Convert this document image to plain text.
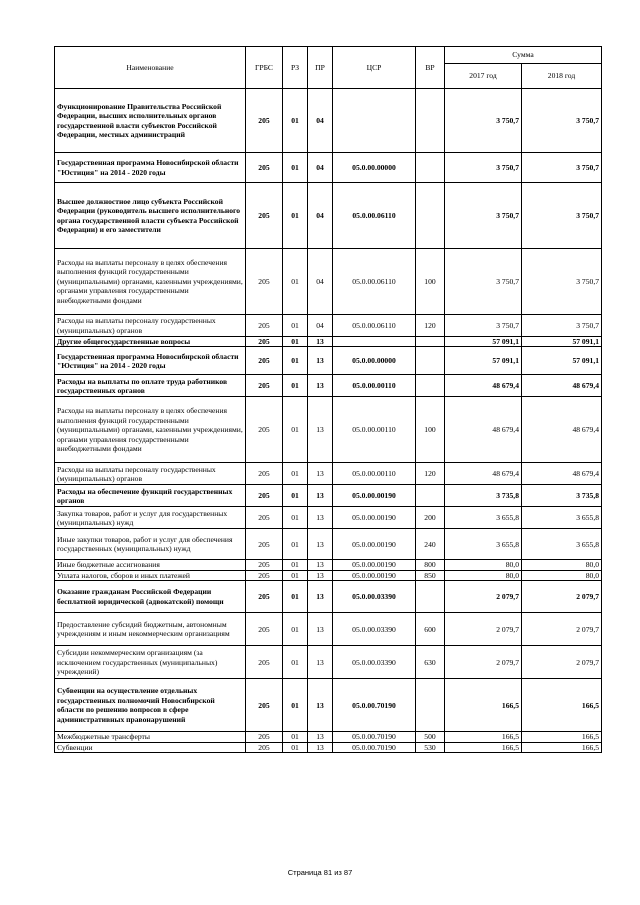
Наименование	ГРБС	РЗ	ПР	ЦСР	ВР	Сумма	
						2017 год	2018 год
Функционирование Правительства Российской Федерации, высших исполнительных органов государственной власти субъектов Российской Федерации, местных администраций	205	01	04			3 750,7	3 750,7
Государственная программа Новосибирской области "Юстиция" на 2014 - 2020 годы	205	01	04	05.0.00.00000		3 750,7	3 750,7
Высшее должностное лицо субъекта Российской Федерации (руководитель высшего исполнительного органа государственной власти субъекта Российской Федерации) и его заместители	205	01	04	05.0.00.06110		3 750,7	3 750,7
Расходы на выплаты персоналу в целях обеспечения выполнения функций государственными (муниципальными) органами, казенными учреждениями, органами управления государственными внебюджетными фондами	205	01	04	05.0.00.06110	100	3 750,7	3 750,7
Расходы на выплаты персоналу государственных (муниципальных) органов	205	01	04	05.0.00.06110	120	3 750,7	3 750,7
Другие общегосударственные вопросы	205	01	13			57 091,1	57 091,1
Государственная программа Новосибирской области "Юстиция" на 2014 - 2020 годы	205	01	13	05.0.00.00000		57 091,1	57 091,1
Расходы на выплаты по оплате труда работников государственных органов	205	01	13	05.0.00.00110		48 679,4	48 679,4
Расходы на выплаты персоналу в целях обеспечения выполнения функций государственными (муниципальными) органами, казенными учреждениями, органами управления государственными внебюджетными фондами	205	01	13	05.0.00.00110	100	48 679,4	48 679,4
Расходы на выплаты персоналу государственных (муниципальных) органов	205	01	13	05.0.00.00110	120	48 679,4	48 679,4
Расходы на обеспечение функций государственных органов	205	01	13	05.0.00.00190		3 735,8	3 735,8
Закупка товаров, работ и услуг для государственных (муниципальных) нужд	205	01	13	05.0.00.00190	200	3 655,8	3 655,8
Иные закупки товаров, работ и услуг для обеспечения государственных (муниципальных) нужд	205	01	13	05.0.00.00190	240	3 655,8	3 655,8
Иные бюджетные ассигнования	205	01	13	05.0.00.00190	800	80,0	80,0
Уплата налогов, сборов и иных платежей	205	01	13	05.0.00.00190	850	80,0	80,0
Оказание гражданам Российской Федерации бесплатной юридической (адвокатской) помощи	205	01	13	05.0.00.03390		2 079,7	2 079,7
Предоставление субсидий бюджетным, автономным учреждениям и иным некоммерческим организациям	205	01	13	05.0.00.03390	600	2 079,7	2 079,7
Субсидии некоммерческим организациям (за исключением государственных (муниципальных) учреждений)	205	01	13	05.0.00.03390	630	2 079,7	2 079,7
Субвенции на осуществление отдельных государственных полномочий Новосибирской области по решению вопросов в сфере административных правонарушений	205	01	13	05.0.00.70190		166,5	166,5
Межбюджетные трансферты	205	01	13	05.0.00.70190	500	166,5	166,5
Субвенции	205	01	13	05.0.00.70190	530	166,5	166,5
Страница 81 из 87
